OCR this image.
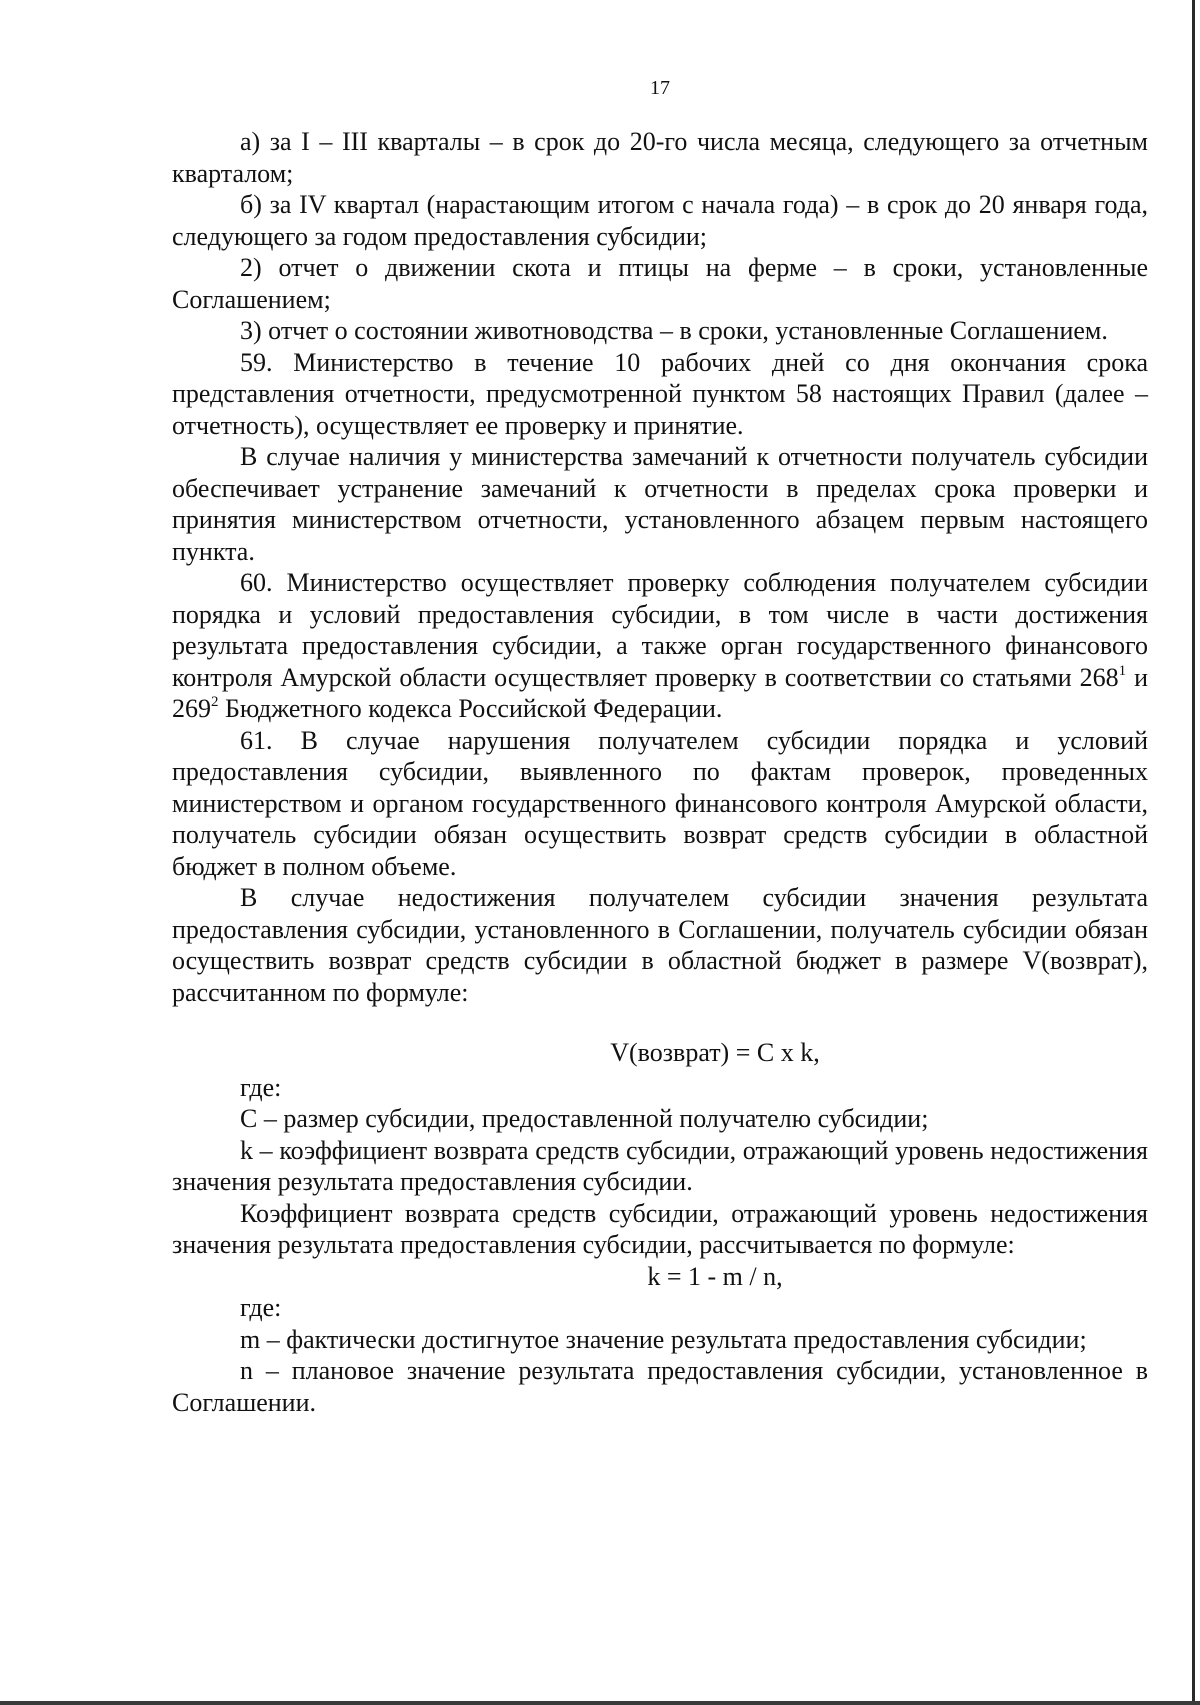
17

а) за I – III кварталы – в срок до 20-го числа месяца, следующего за отчетным кварталом;

б) за IV квартал (нарастающим итогом с начала года) – в срок до 20 января года, следующего за годом предоставления субсидии;

2) отчет о движении скота и птицы на ферме – в сроки, установленные Соглашением;

3) отчет о состоянии животноводства – в сроки, установленные Соглашением.

59. Министерство в течение 10 рабочих дней со дня окончания срока представления отчетности, предусмотренной пунктом 58 настоящих Правил (далее – отчетность), осуществляет ее проверку и принятие.

В случае наличия у министерства замечаний к отчетности получатель субсидии обеспечивает устранение замечаний к отчетности в пределах срока проверки и принятия министерством отчетности, установленного абзацем первым настоящего пункта.

60. Министерство осуществляет проверку соблюдения получателем субсидии порядка и условий предоставления субсидии, в том числе в части достижения результата предоставления субсидии, а также орган государственного финансового контроля Амурской области осуществляет проверку в соответствии со статьями $268^1$ и $269^2$ Бюджетного кодекса Российской Федерации.

61. В случае нарушения получателем субсидии порядка и условий предоставления субсидии, выявленного по фактам проверок, проведенных министерством и органом государственного финансового контроля Амурской области, получатель субсидии обязан осуществить возврат средств субсидии в областной бюджет в полном объеме.

В случае недостижения получателем субсидии значения результата предоставления субсидии, установленного в Соглашении, получатель субсидии обязан осуществить возврат средств субсидии в областной бюджет в размере V(возврат), рассчитанном по формуле:

V(возврат) = C x k,

где:

C – размер субсидии, предоставленной получателю субсидии;

k – коэффициент возврата средств субсидии, отражающий уровень недостижения значения результата предоставления субсидии.

Коэффициент возврата средств субсидии, отражающий уровень недостижения значения результата предоставления субсидии, рассчитывается по формуле:

k = 1 - m / n,

где:

m – фактически достигнутое значение результата предоставления субсидии;

n – плановое значение результата предоставления субсидии, установленное в Соглашении.
